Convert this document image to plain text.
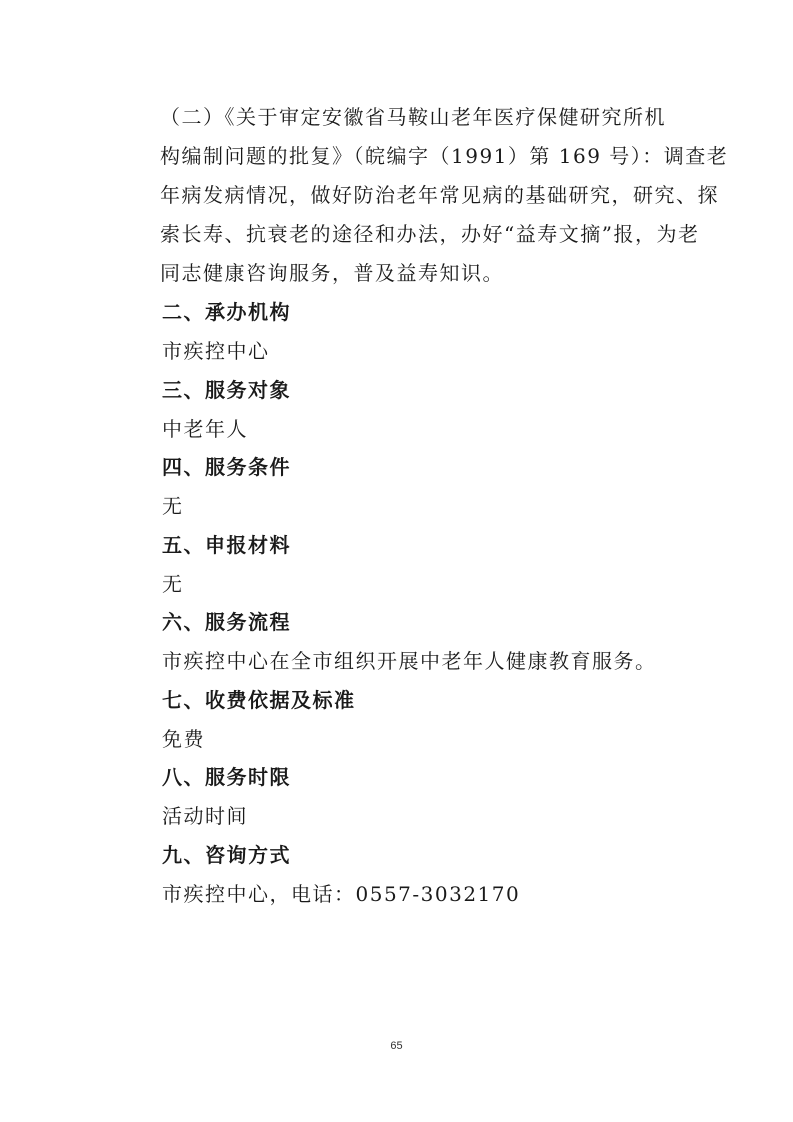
（二）《关于审定安徽省马鞍山老年医疗保健研究所机

构编制问题的批复》（皖编字（1991）第 169 号）：调查老

年病发病情况，做好防治老年常见病的基础研究，研究、探

索长寿、抗衰老的途径和办法，办好“益寿文摘”报，为老

同志健康咨询服务，普及益寿知识。

二、承办机构

市疾控中心

三、服务对象

中老年人

四、服务条件

无

五、申报材料

无

六、服务流程

市疾控中心在全市组织开展中老年人健康教育服务。

七、收费依据及标准

免费

八、服务时限

活动时间

九、咨询方式

市疾控中心，电话：0557-3032170

65
